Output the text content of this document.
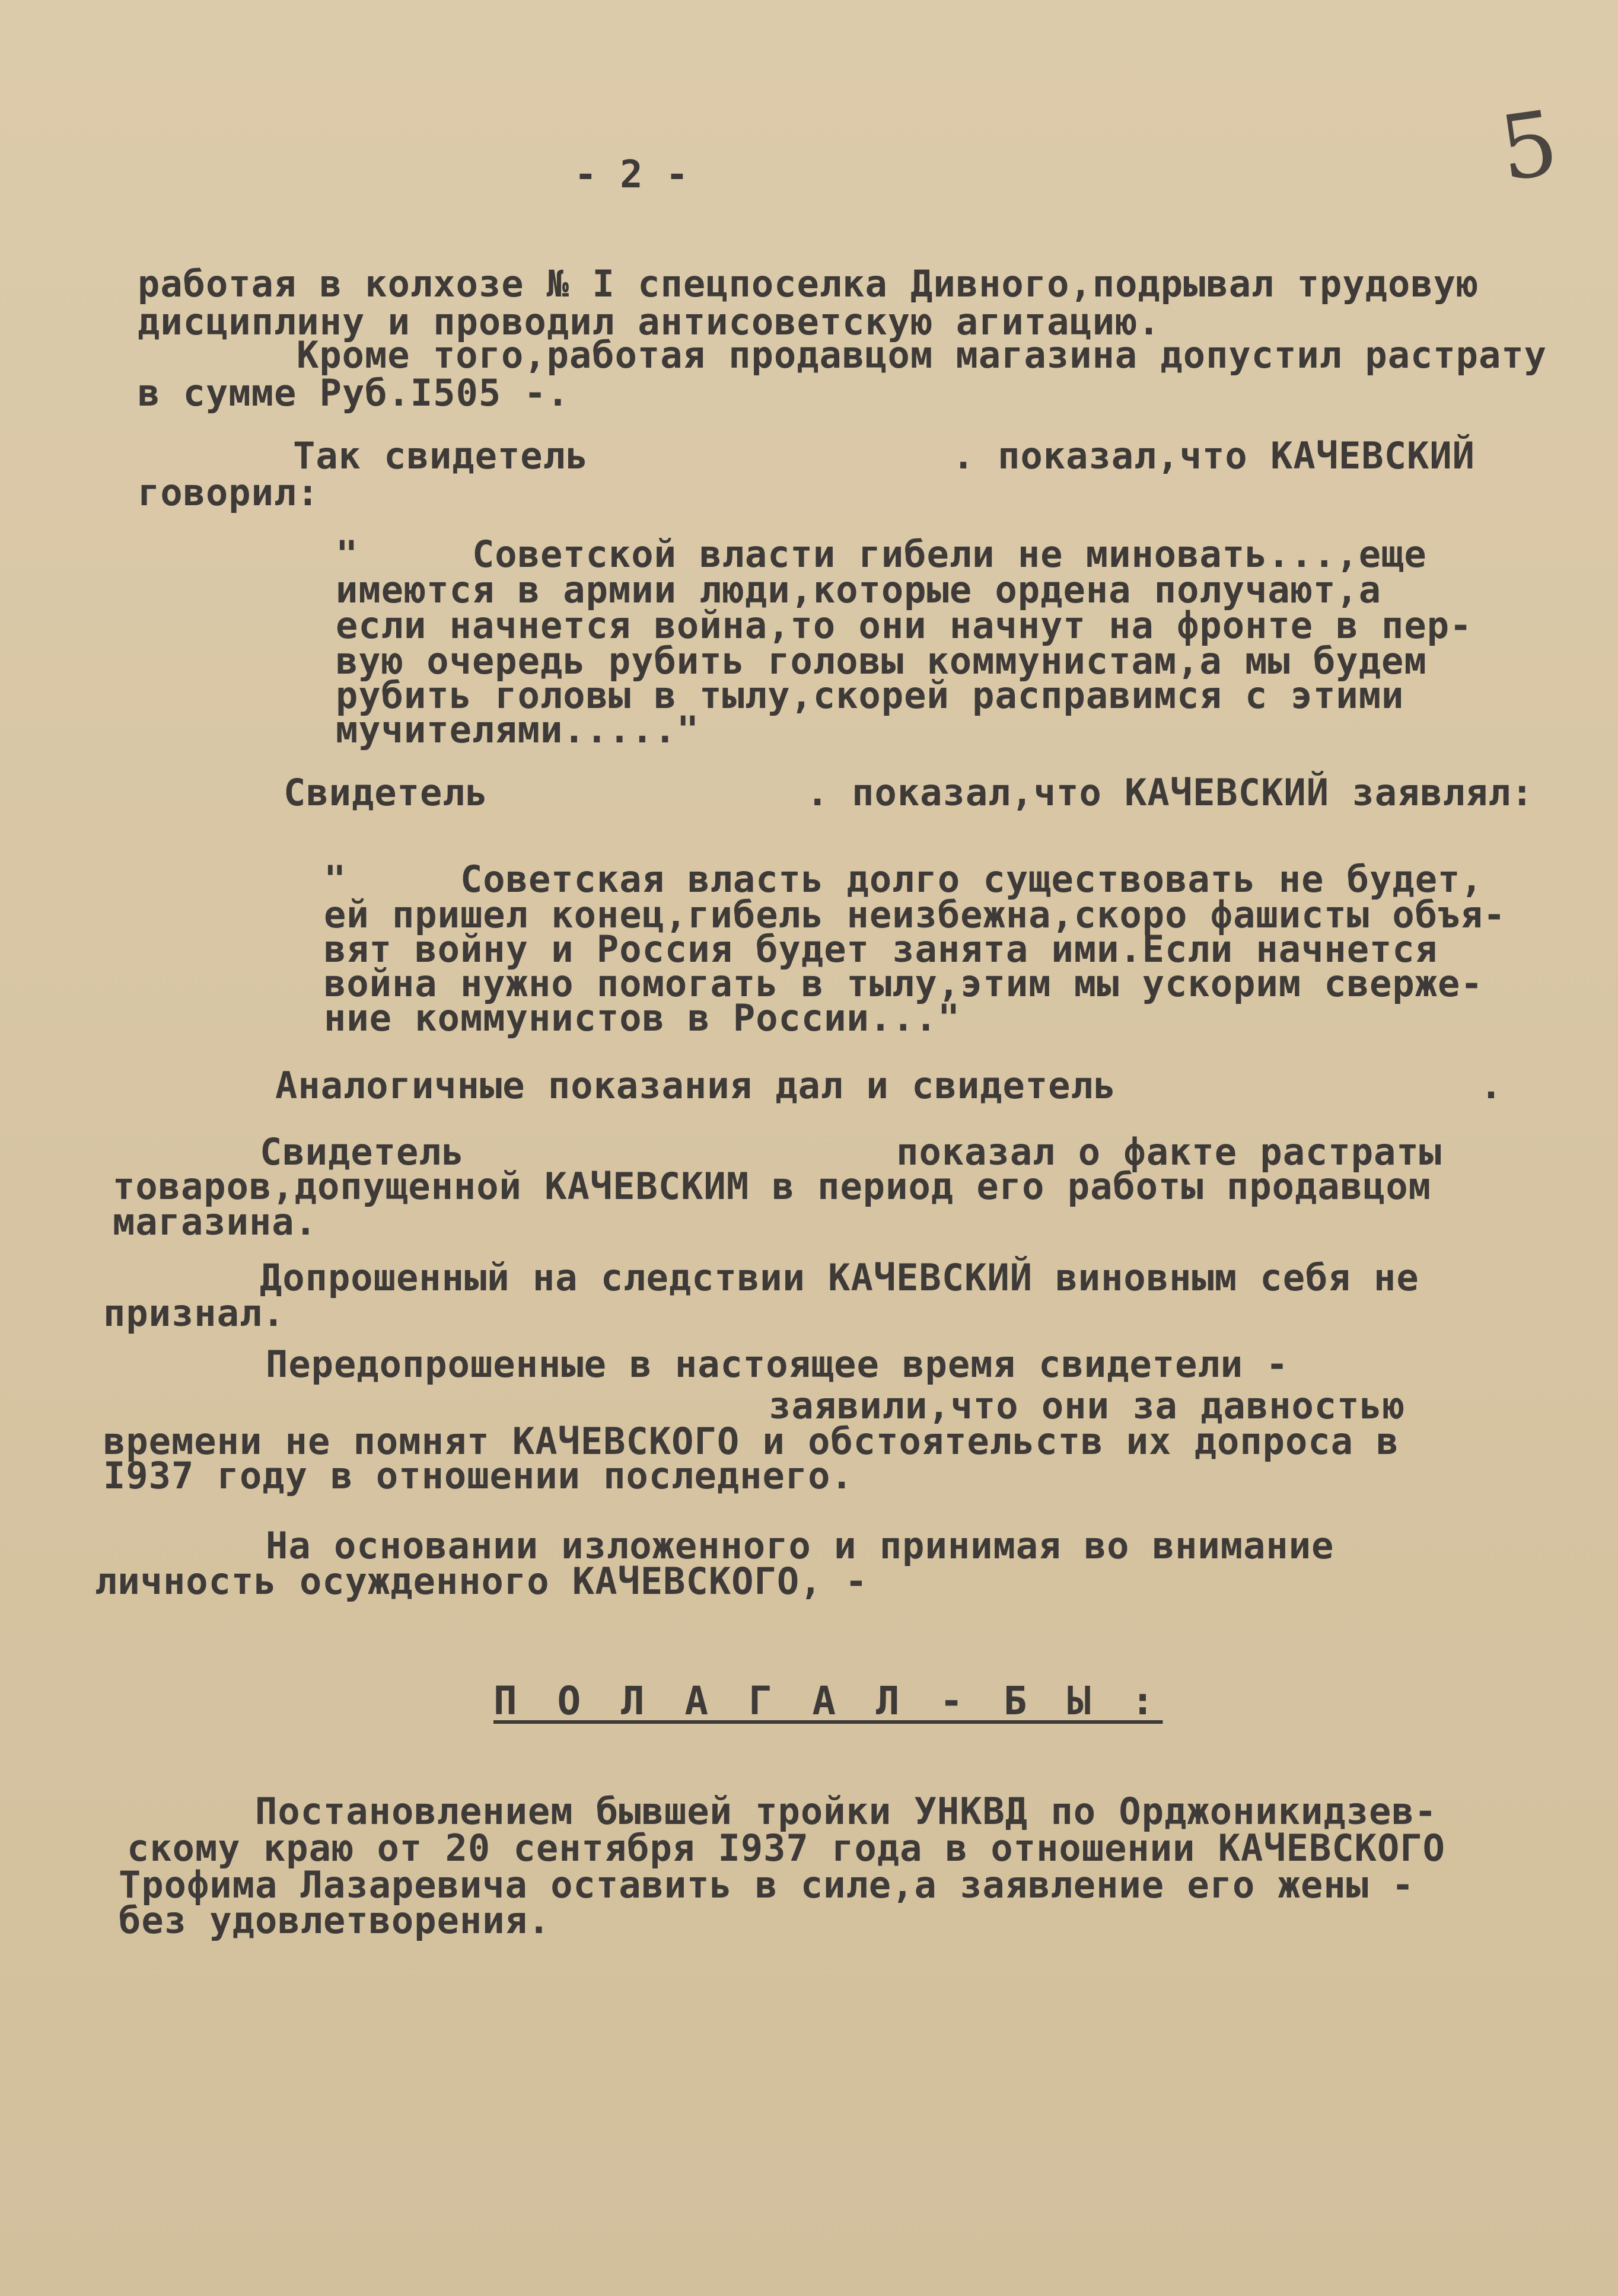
- 2 -	5

работая в колхозе № I спецпоселка Дивного,подрывал трудовую

дисциплину и проводил антисоветскую агитацию.

Кроме того,работая продавцом магазина допустил растрату

в сумме Руб.I505 -.

Так свидетель                . показал,что КАЧЕВСКИЙ

говорил:

"     Советской власти гибели не миновать...,еще

имеются в армии люди,которые ордена получают,а

если начнется война,то они начнут на фронте в пер-

вую очередь рубить головы коммунистам,а мы будем

рубить головы в тылу,скорей расправимся с этими

мучителями....."

Свидетель              . показал,что КАЧЕВСКИЙ заявлял:

"     Советская власть долго существовать не будет,

ей пришел конец,гибель неизбежна,скоро фашисты объя-

вят войну и Россия будет занята ими.Если начнется

война нужно помогать в тылу,этим мы ускорим сверже-

ние коммунистов в России..."

Аналогичные показания дал и свидетель                .

Свидетель                   показал о факте растраты

товаров,допущенной КАЧЕВСКИМ в период его работы продавцом

магазина.

Допрошенный на следствии КАЧЕВСКИЙ виновным себя не

признал.

Передопрошенные в настоящее время свидетели -

заявили,что они за давностью

времени не помнят КАЧЕВСКОГО и обстоятельств их допроса в

I937 году в отношении последнего.

На основании изложенного и принимая во внимание

личность осужденного КАЧЕВСКОГО, -

П О Л А Г А Л - Б Ы :

Постановлением бывшей тройки УНКВД по Орджоникидзев-

скому краю от 20 сентября I937 года в отношении КАЧЕВСКОГО

Трофима Лазаревича оставить в силе,а заявление его жены -

без удовлетворения.
